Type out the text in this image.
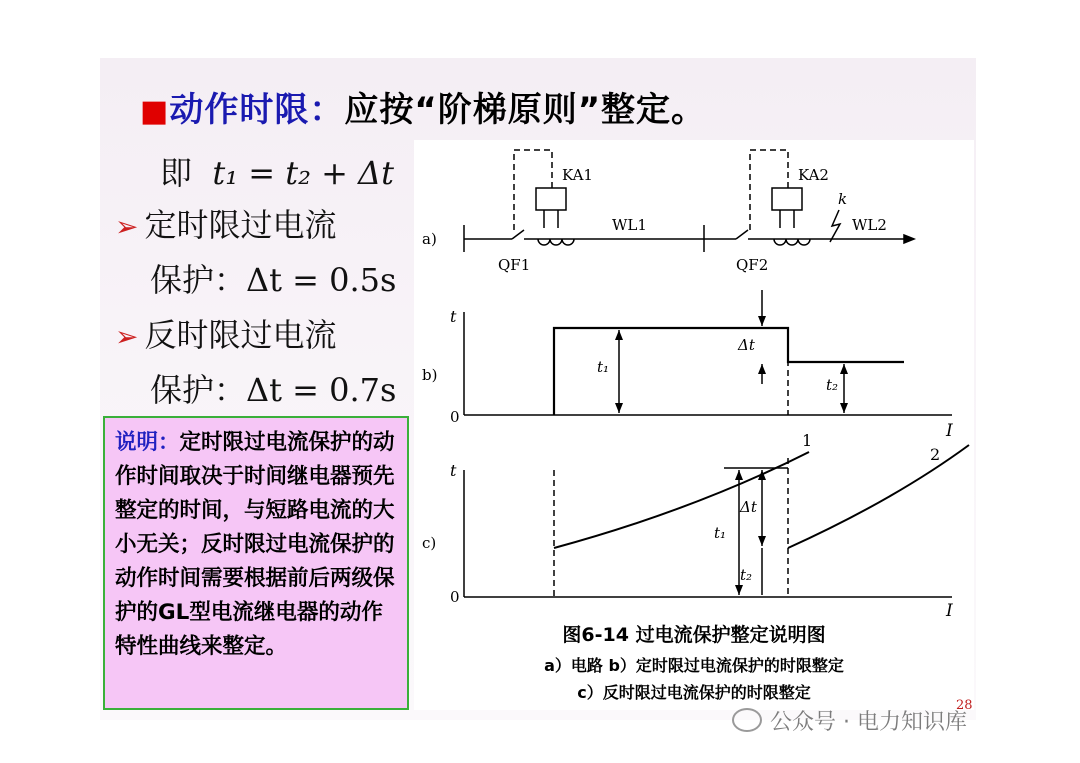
■动作时限：应按“阶梯原则”整定。
即 t₁ = t₂ + Δt
➢ 定时限过电流
保护：Δt = 0.5s
➢ 反时限过电流
保护：Δt = 0.7s
说明：定时限过电流保护的动作时间取决于时间继电器预先整定的时间，与短路电流的大小无关；反时限过电流保护的动作时间需要根据前后两级保护的GL型电流继电器的动作特性曲线来整定。
a)
KA1	KA2
QF1	QF2
WL1	WL2
k
b)
t
I
0
t₁
t₂
Δt
c)
t
I
0
t₁
t₂
Δt
1
2
图6-14 过电流保护整定说明图
a）电路 b）定时限过电流保护的时限整定
c）反时限过电流保护的时限整定
28
公众号 · 电力知识库
